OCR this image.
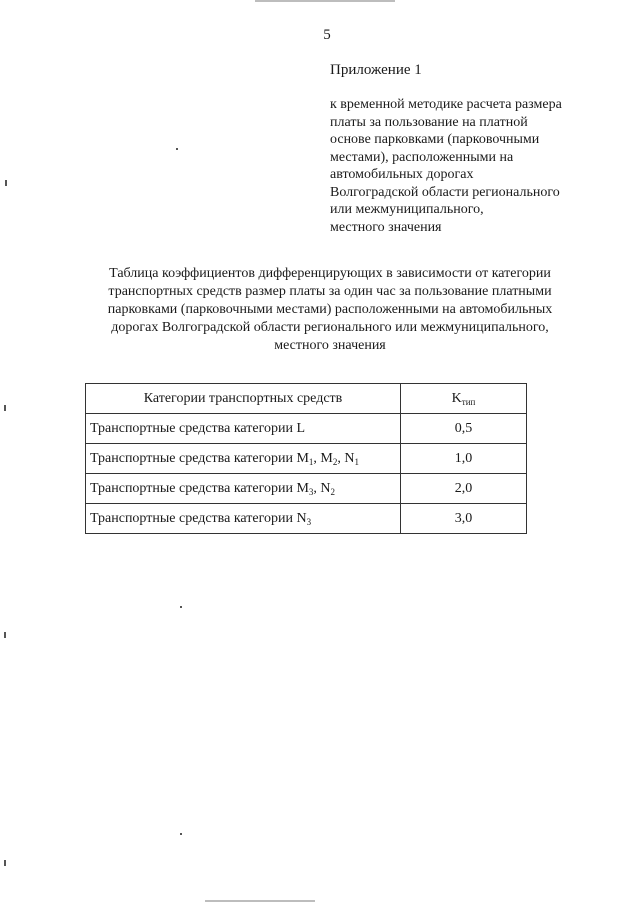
5
Приложение 1
к временной методике расчета размера
платы за пользование на платной
основе парковками (парковочными
местами), расположенными на
автомобильных дорогах
Волгоградской области регионального
или межмуниципального,
местного значения
Таблица коэффициентов дифференцирующих в зависимости от категории
транспортных средств размер платы за один час за пользование платными
парковками (парковочными местами) расположенными на автомобильных
дорогах Волгоградской области регионального или межмуниципального,
местного значения
Категории транспортных средств	$K_{тип}$
Транспортные средства категории L	0,5
Транспортные средства категории $M_1$, $M_2$, $N_1$	1,0
Транспортные средства категории $M_3$, $N_2$	2,0
Транспортные средства категории $N_3$	3,0
